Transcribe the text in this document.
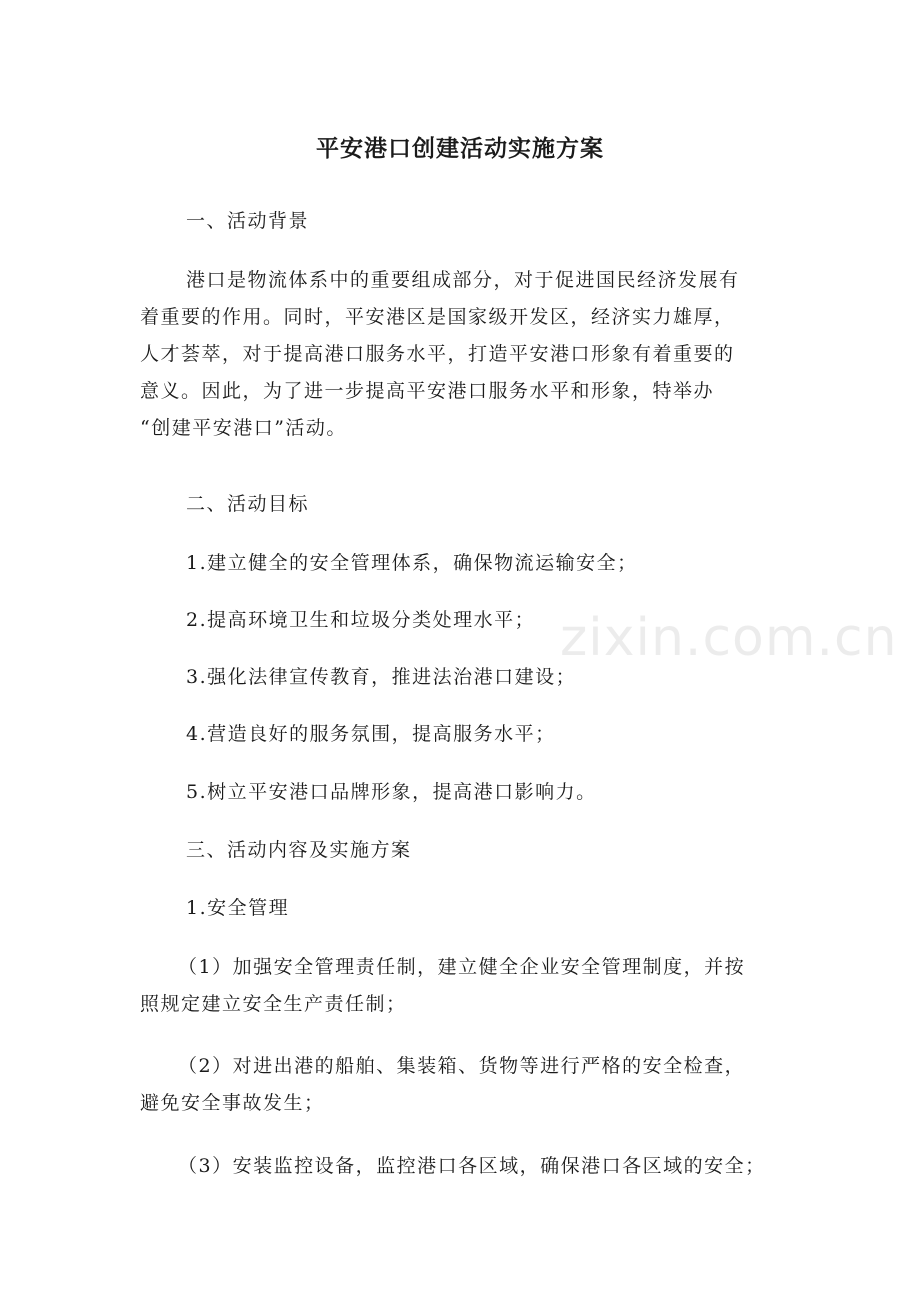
平安港口创建活动实施方案

一、活动背景

港口是物流体系中的重要组成部分，对于促进国民经济发展有
着重要的作用。同时，平安港区是国家级开发区，经济实力雄厚，
人才荟萃，对于提高港口服务水平，打造平安港口形象有着重要的
意义。因此，为了进一步提高平安港口服务水平和形象，特举办
“创建平安港口”活动。

二、活动目标

1.建立健全的安全管理体系，确保物流运输安全；

2.提高环境卫生和垃圾分类处理水平；

3.强化法律宣传教育，推进法治港口建设；

4.营造良好的服务氛围，提高服务水平；

5.树立平安港口品牌形象，提高港口影响力。

三、活动内容及实施方案

1.安全管理

（1）加强安全管理责任制，建立健全企业安全管理制度，并按
照规定建立安全生产责任制；

（2）对进出港的船舶、集装箱、货物等进行严格的安全检查，
避免安全事故发生；

（3）安装监控设备，监控港口各区域，确保港口各区域的安全；

zixin.com.cn
